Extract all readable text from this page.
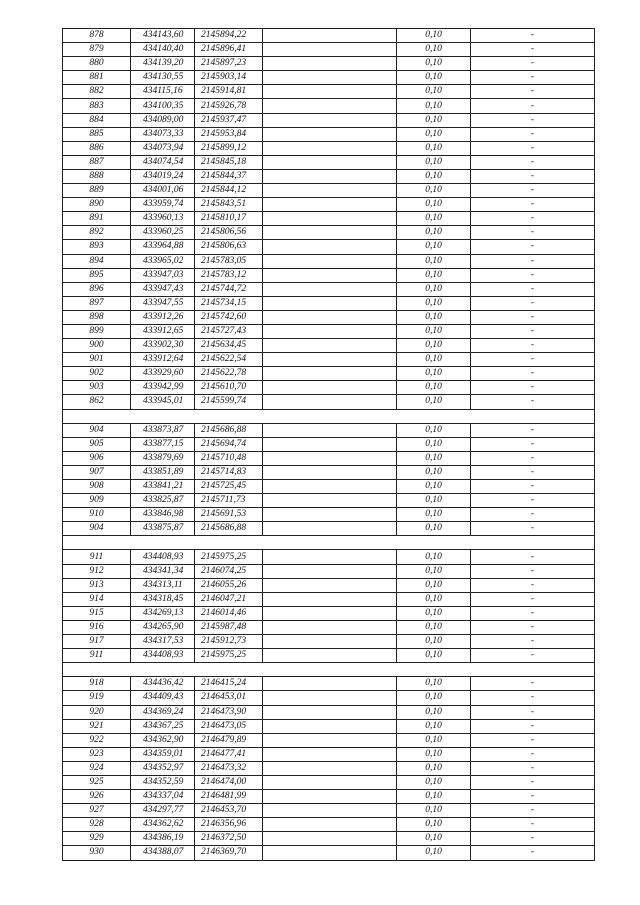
878	434143,60	2145894,22		0,10	-
879	434140,40	2145896,41		0,10	-
880	434139,20	2145897,23		0,10	-
881	434130,55	2145903,14		0,10	-
882	434115,16	2145914,81		0,10	-
883	434100,35	2145926,78		0,10	-
884	434089,00	2145937,47		0,10	-
885	434073,33	2145953,84		0,10	-
886	434073,94	2145899,12		0,10	-
887	434074,54	2145845,18		0,10	-
888	434019,24	2145844,37		0,10	-
889	434001,06	2145844,12		0,10	-
890	433959,74	2145843,51		0,10	-
891	433960,13	2145810,17		0,10	-
892	433960,25	2145806,56		0,10	-
893	433964,88	2145806,63		0,10	-
894	433965,02	2145783,05		0,10	-
895	433947,03	2145783,12		0,10	-
896	433947,43	2145744,72		0,10	-
897	433947,55	2145734,15		0,10	-
898	433912,26	2145742,60		0,10	-
899	433912,65	2145727,43		0,10	-
900	433902,30	2145634,45		0,10	-
901	433912,64	2145622,54		0,10	-
902	433929,60	2145622,78		0,10	-
903	433942,99	2145610,70		0,10	-
862	433945,01	2145599,74		0,10	-

904	433873,87	2145686,88		0,10	-
905	433877,15	2145694,74		0,10	-
906	433879,69	2145710,48		0,10	-
907	433851,89	2145714,83		0,10	-
908	433841,21	2145725,45		0,10	-
909	433825,87	2145711,73		0,10	-
910	433846,98	2145691,53		0,10	-
904	433875,87	2145686,88		0,10	-

911	434408,93	2145975,25		0,10	-
912	434341,34	2146074,25		0,10	-
913	434313,11	2146055,26		0,10	-
914	434318,45	2146047,21		0,10	-
915	434269,13	2146014,46		0,10	-
916	434265,90	2145987,48		0,10	-
917	434317,53	2145912,73		0,10	-
911	434408,93	2145975,25		0,10	-

918	434436,42	2146415,24		0,10	-
919	434409,43	2146453,01		0,10	-
920	434369,24	2146473,90		0,10	-
921	434367,25	2146473,05		0,10	-
922	434362,90	2146479,89		0,10	-
923	434359,01	2146477,41		0,10	-
924	434352,97	2146473,32		0,10	-
925	434352,59	2146474,00		0,10	-
926	434337,04	2146481,99		0,10	-
927	434297,77	2146453,70		0,10	-
928	434362,62	2146356,96		0,10	-
929	434386,19	2146372,50		0,10	-
930	434388,07	2146369,70		0,10	-
